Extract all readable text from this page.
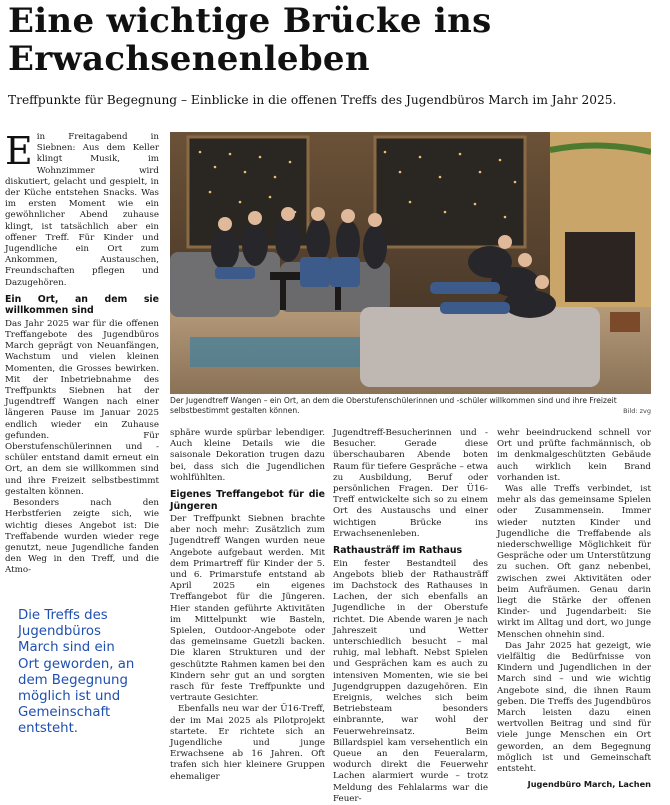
Eine wichtige Brücke ins Erwachsenenleben

Treffpunkte für Begegnung – Einblicke in die offenen Treffs des Jugendbüros March im Jahr 2025.

Ein Freitagabend in Siebnen: Aus dem Keller klingt Musik, im Wohnzimmer wird diskutiert, gelacht und gespielt, in der Küche entstehen Snacks. Was im ersten Moment wie ein gewöhnlicher Abend zuhause klingt, ist tatsächlich aber ein offener Treff. Für Kinder und Jugendliche ein Ort zum Ankommen, Austauschen, Freundschaften pflegen und Dazugehören.

Ein Ort, an dem sie willkommen sind

Das Jahr 2025 war für die offenen Treffangebote des Jugendbüros March geprägt von Neuanfängen, Wachstum und vielen kleinen Momenten, die Grosses bewirken. Mit der Inbetriebnahme des Treffpunkts Siebnen hat der Jugendtreff Wangen nach einer längeren Pause im Januar 2025 endlich wieder ein Zuhause gefunden. Für Oberstufenschülerinnen und -schüler entstand damit erneut ein Ort, an dem sie willkommen sind und ihre Freizeit selbstbestimmt gestalten können.

Besonders nach den Herbstferien zeigte sich, wie wichtig dieses Angebot ist: Die Treffabende wurden wieder rege genutzt, neue Jugendliche fanden den Weg in den Treff, und die Atmo-

Der Jugendtreff Wangen – ein Ort, an dem die Oberstufenschülerinnen und -schüler willkommen sind und ihre Freizeit selbstbestimmt gestalten können.	Bild: zvg
Die Treffs des Jugendbüros March sind ein Ort geworden, an dem Begegnung möglich ist und Gemeinschaft entsteht.

sphäre wurde spürbar lebendiger. Auch kleine Details wie die saisonale Dekoration trugen dazu bei, dass sich die Jugendlichen wohlfühlten.

Eigenes Treffangebot für die Jüngeren

Der Treffpunkt Siebnen brachte aber noch mehr: Zusätzlich zum Jugendtreff Wangen wurden neue Angebote aufgebaut werden. Mit dem Primartreff für Kinder der 5. und 6. Primarstufe entstand ab April 2025 ein eigenes Treffangebot für die Jüngeren. Hier standen geführte Aktivitäten im Mittelpunkt wie Basteln, Spielen, Outdoor-Angebote oder das gemeinsame Guetzli backen. Die klaren Strukturen und der geschützte Rahmen kamen bei den Kindern sehr gut an und sorgten rasch für feste Treffpunkte und vertraute Gesichter.

Ebenfalls neu war der Ü16-Treff, der im Mai 2025 als Pilotprojekt startete. Er richtete sich an Jugendliche und junge Erwachsene ab 16 Jahren. Oft trafen sich hier kleinere Gruppen ehemaliger

Jugendtreff-Besucherinnen und -Besucher. Gerade diese überschaubaren Abende boten Raum für tiefere Gespräche – etwa zu Ausbildung, Beruf oder persönlichen Fragen. Der Ü16-Treff entwickelte sich so zu einem Ort des Austauschs und einer wichtigen Brücke ins Erwachsenenleben.

Rathausträff im Rathaus

Ein fester Bestandteil des Angebots blieb der Rathausträff im Dachstock des Rathauses in Lachen, der sich ebenfalls an Jugendliche in der Oberstufe richtet. Die Abende waren je nach Jahreszeit und Wetter unterschiedlich besucht – mal ruhig, mal lebhaft. Nebst Spielen und Gesprächen kam es auch zu intensiven Momenten, wie sie bei Jugendgruppen dazugehören. Ein Ereignis, welches sich beim Betriebsteam besonders einbrannte, war wohl der Feuerwehreinsatz. Beim Billardspiel kam versehentlich ein Queue an den Feueralarm, wodurch direkt die Feuerwehr Lachen alarmiert wurde – trotz Meldung des Fehlalarms war die Feuer-

wehr beeindruckend schnell vor Ort und prüfte fachmännisch, ob im denkmalgeschützten Gebäude auch wirklich kein Brand vorhanden ist.

Was alle Treffs verbindet, ist mehr als das gemeinsame Spielen oder Zusammensein. Immer wieder nutzten Kinder und Jugendliche die Treffabende als niederschwellige Möglichkeit für Gespräche oder um Unterstützung zu suchen. Oft ganz nebenbei, zwischen zwei Aktivitäten oder beim Aufräumen. Genau darin liegt die Stärke der offenen Kinder- und Jugendarbeit: Sie wirkt im Alltag und dort, wo junge Menschen ohnehin sind.

Das Jahr 2025 hat gezeigt, wie vielfältig die Bedürfnisse von Kindern und Jugendlichen in der March sind – und wie wichtig Angebote sind, die ihnen Raum geben. Die Treffs des Jugendbüros March leisten dazu einen wertvollen Beitrag und sind für viele junge Menschen ein Ort geworden, an dem Begegnung möglich ist und Gemeinschaft entsteht.

Jugendbüro March, Lachen
